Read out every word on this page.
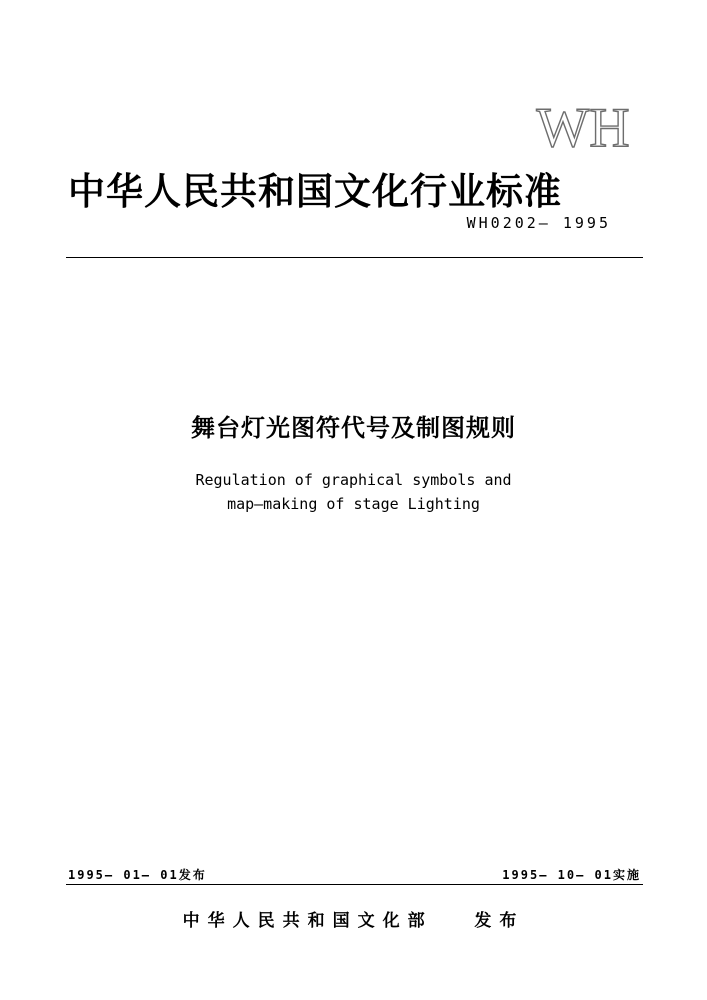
WH
中华人民共和国文化行业标准
WH0202— 1995
舞台灯光图符代号及制图规则
Regulation of graphical symbols and
map—making of stage Lighting
1995— 01— 01发布	1995— 10— 01实施
中华人民共和国文化部   发布
